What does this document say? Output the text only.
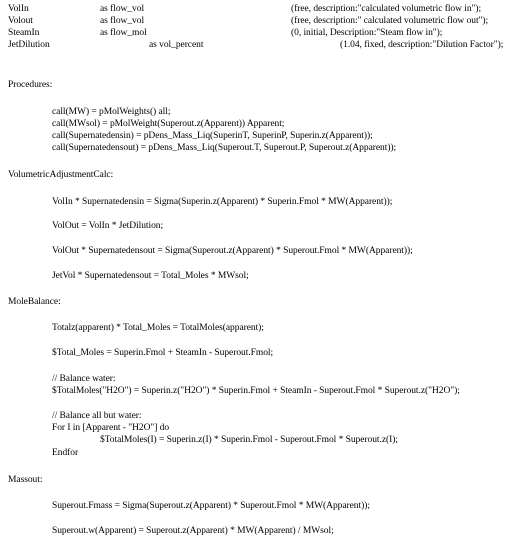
VolIn	as flow_vol	(free, description:"calculated volumetric flow in");
Volout	as flow_vol	(free, description:" calculated volumetric flow out");
SteamIn	as flow_mol	(0, initial, Description:"Steam flow in");
JetDilution	as vol_percent	(1.04, fixed, description:"Dilution Factor");
Procedures:
call(MW) = pMolWeights() all;
call(MWsol) = pMolWeight(Superout.z(Apparent)) Apparent;
call(Supernatedensin) = pDens_Mass_Liq(SuperinT, SuperinP, Superin.z(Apparent));
call(Supernatedensout) = pDens_Mass_Liq(Superout.T, Superout.P, Superout.z(Apparent));
VolumetricAdjustmentCalc:
VolIn * Supernatedensin = Sigma(Superin.z(Apparent) * Superin.Fmol * MW(Apparent));
VolOut = VolIn * JetDilution;
VolOut * Supernatedensout = Sigma(Superout.z(Apparent) * Superout.Fmol * MW(Apparent));
JetVol * Supernatedensout = Total_Moles * MWsol;
MoleBalance:
Totalz(apparent) * Total_Moles = TotalMoles(apparent);
$Total_Moles = Superin.Fmol + SteamIn - Superout.Fmol;
// Balance water:
$TotalMoles("H2O") = Superin.z("H2O") * Superin.Fmol + SteamIn - Superout.Fmol * Superout.z("H2O");
// Balance all but water:
For I in [Apparent - "H2O"] do
$TotalMoles(I) = Superin.z(I) * Superin.Fmol - Superout.Fmol * Superout.z(I);
Endfor
Massout:
Superout.Fmass = Sigma(Superout.z(Apparent) * Superout.Fmol * MW(Apparent));
Superout.w(Apparent) = Superout.z(Apparent) * MW(Apparent) / MWsol;
